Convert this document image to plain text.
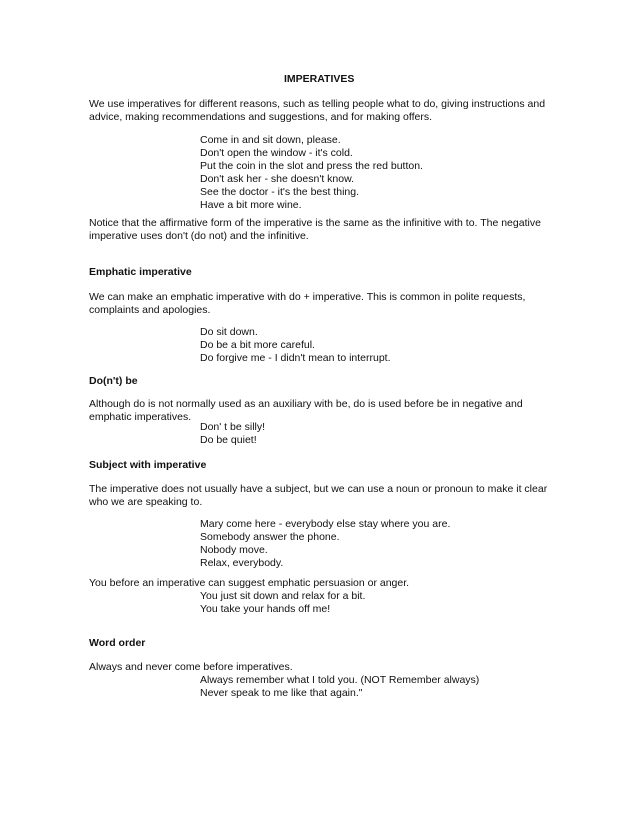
IMPERATIVES
We use imperatives for different reasons, such as telling people what to do, giving instructions and advice, making recommendations and suggestions, and for making offers.
Come in and sit down, please.
Don't open the window - it's cold.
Put the coin in the slot and press the red button.
Don't ask her - she doesn't know.
See the doctor - it's the best thing.
Have a bit more wine.
Notice that the affirmative form of the imperative is the same as the infinitive with to. The negative imperative uses don't (do not) and the infinitive.
Emphatic imperative
We can make an emphatic imperative with do + imperative. This is common in polite requests, complaints and apologies.
Do sit down.
Do be a bit more careful.
Do forgive me - I didn't mean to interrupt.
Do(n't) be
Although do is not normally used as an auxiliary with be, do is used before be in negative and emphatic imperatives.
Don' t be silly!
Do be quiet!
Subject with imperative
The imperative does not usually have a subject, but we can use a noun or pronoun to make it clear who we are speaking to.
Mary come here - everybody else stay where you are.
Somebody answer the phone.
Nobody move.
Relax, everybody.
You before an imperative can suggest emphatic persuasion or anger.
You just sit down and relax for a bit.
You take your hands off me!
Word order
Always and never come before imperatives.
Always remember what I told you. (NOT Remember always)
Never speak to me like that again."
